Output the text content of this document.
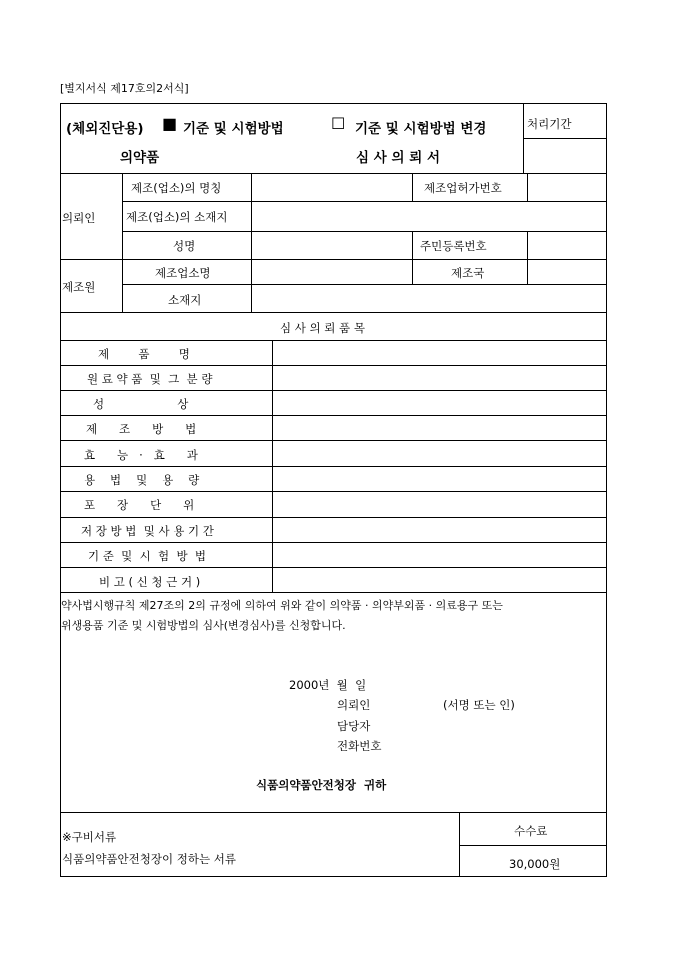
[별지서식 제17호의2서식]
(체외진단용) ■ 기준 및 시험방법	☐ 기준 및 시험방법 변경
의약품	심 사 의 뢰 서
처리기간
의뢰인
제조(업소)의 명칭	제조업허가번호
제조(업소)의 소재지
성명	주민등록번호
제조원
제조업소명	제조국
소재지
심 사 의 뢰 품 목
제        품        명
원 료 약 품  및  그  분 량
성                    상
제      조      방      법
효      능   ·   효      과
용      법      및      용      량
포      장      단      위
저 장 방 법  및 사 용 기 간
기 준  및  시  험  방  법
비 고 ( 신 청 근 거 )
약사법시행규칙 제27조의 2의 규정에 의하여 위와 같이 의약품 · 의약부외품 · 의료용구 또는
위생용품 기준 및 시험방법의 심사(변경심사)를 신청합니다.
2000년  월  일
의뢰인	(서명 또는 인)
담당자
전화번호
식품의약품안전청장  귀하
※구비서류
식품의약품안전청장이 정하는 서류
수수료
30,000원
